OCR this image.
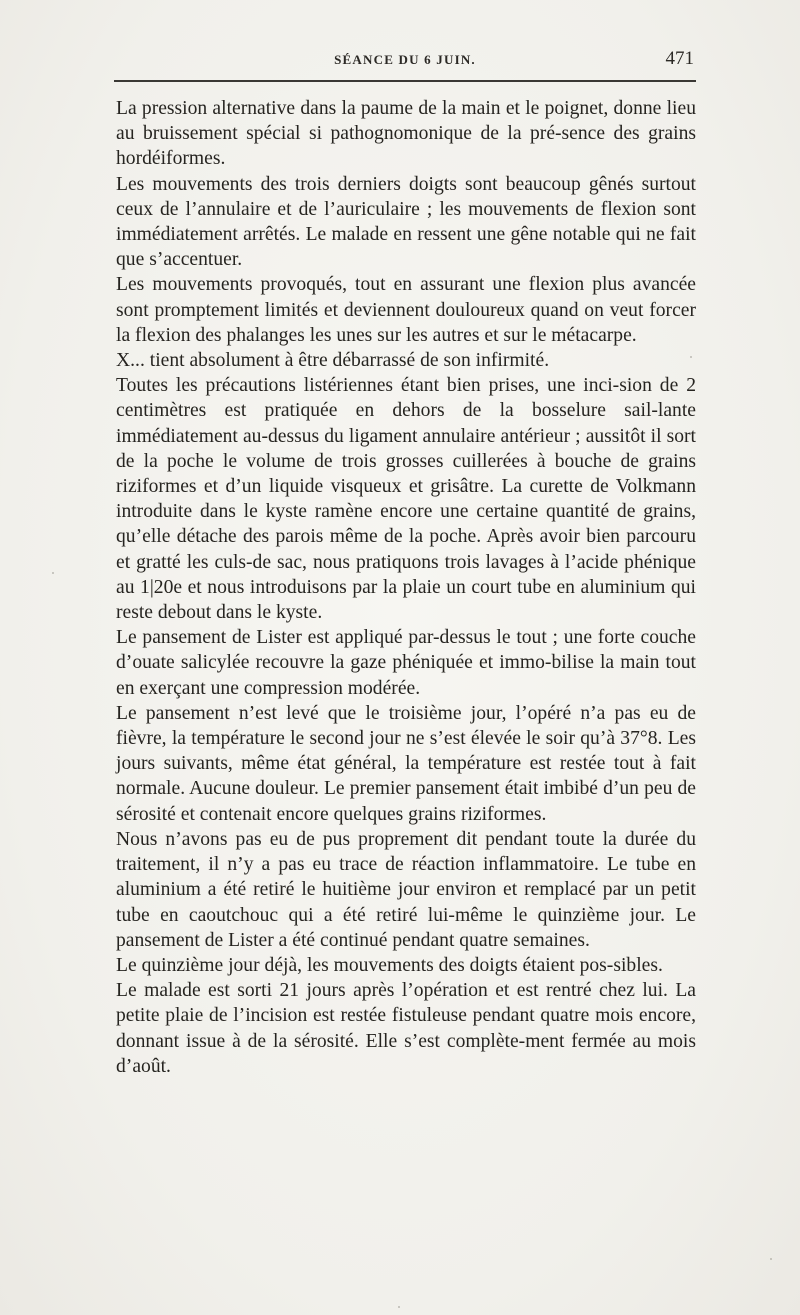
SÉANCE DU 6 JUIN.	471

La pression alternative dans la paume de la main et le poignet, donne lieu au bruissement spécial si pathognomonique de la pré-sence des grains hordéiformes.

Les mouvements des trois derniers doigts sont beaucoup gênés surtout ceux de l’annulaire et de l’auriculaire ; les mouvements de flexion sont immédiatement arrêtés. Le malade en ressent une gêne notable qui ne fait que s’accentuer.

Les mouvements provoqués, tout en assurant une flexion plus avancée sont promptement limités et deviennent douloureux quand on veut forcer la flexion des phalanges les unes sur les autres et sur le métacarpe.

X... tient absolument à être débarrassé de son infirmité.

Toutes les précautions listériennes étant bien prises, une inci-sion de 2 centimètres est pratiquée en dehors de la bosselure sail-lante immédiatement au-dessus du ligament annulaire antérieur ; aussitôt il sort de la poche le volume de trois grosses cuillerées à bouche de grains riziformes et d’un liquide visqueux et grisâtre. La curette de Volkmann introduite dans le kyste ramène encore une certaine quantité de grains, qu’elle détache des parois même de la poche. Après avoir bien parcouru et gratté les culs-de sac, nous pratiquons trois lavages à l’acide phénique au 1|20e et nous introduisons par la plaie un court tube en aluminium qui reste debout dans le kyste.

Le pansement de Lister est appliqué par-dessus le tout ; une forte couche d’ouate salicylée recouvre la gaze phéniquée et immo-bilise la main tout en exerçant une compression modérée.

Le pansement n’est levé que le troisième jour, l’opéré n’a pas eu de fièvre, la température le second jour ne s’est élevée le soir qu’à 37°8. Les jours suivants, même état général, la température est restée tout à fait normale. Aucune douleur. Le premier pansement était imbibé d’un peu de sérosité et contenait encore quelques grains riziformes.

Nous n’avons pas eu de pus proprement dit pendant toute la durée du traitement, il n’y a pas eu trace de réaction inflammatoire. Le tube en aluminium a été retiré le huitième jour environ et remplacé par un petit tube en caoutchouc qui a été retiré lui-même le quinzième jour. Le pansement de Lister a été continué pendant quatre semaines.

Le quinzième jour déjà, les mouvements des doigts étaient pos-sibles.

Le malade est sorti 21 jours après l’opération et est rentré chez lui. La petite plaie de l’incision est restée fistuleuse pendant quatre mois encore, donnant issue à de la sérosité. Elle s’est complète-ment fermée au mois d’août.
